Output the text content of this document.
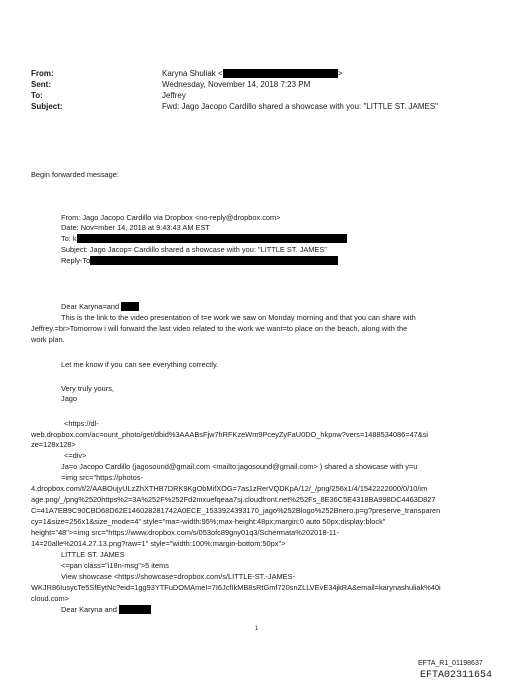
From:	Karyna Shuliak <	>
Sent:	Wednesday, November 14, 2018 7:23 PM
To:	Jeffrey
Subject:	Fwd: Jago Jacopo Cardillo shared a showcase with you: "LITTLE ST. JAMES"
Begin forwarded message:
From: Jago Jacopo Cardillo via Dropbox <no-reply@dropbox.com>
Date: Nov=mber 14, 2018 at 9:43:43 AM EST
To: k
Subject: Jago Jacop= Cardillo shared a showcase with you: "LITTLE ST. JAMES"
Reply-To
Dear Karyna=and
This is the link to the video presentation of t=e work we saw on Monday morning and that you can share with
Jeffrey.=br>Tomorrow i will forward the last video related to the work we want=to place on the beach, along with the
work plan.
Let me know if you can see everything correctly.
Very truly yours,
Jago
<https://dl-
web.dropbox.com/ac=ount_photo/get/dbid%3AAABsFjw7hRFKzeWm9PceyZyFaU0DO_hkpnw?vers=1488534086=47&si
ze=128x128>
<=div>
Ja=o Jacopo Cardillo (jagosound@gmail.com <mailto:jagosound@gmail.com> ) shared a showcase with y=u
=img src="https://photos-
4.dropbox.com/t/2/AABOujyULzZhXTHB7DRK9KgObMifXOG=7as1zRerVQDKpA/12/_/png/256x1/4/1542222000/0/10/im
age.png/_/png%2520https%2=3A%252F%252Fd2mxuefqeaa7sj.cloudfront.net%252Fs_8E36C5E4318BA998DC4463D827
C=41A7EB9C90CBD68D62E146028281742A0ECE_1533924393170_jago%252Blogo%252Bnero.p=g?preserve_transparen
cy=1&size=256x1&size_mode=4" style="ma=-width:95%;max-height:48px;margin:0 auto 50px;display:block"
height="48">=img src="https://www.dropbox.com/s/053ofc89gny01q3/Schermata%202018-11-
14=20alle%2014.27.13.png?raw=1" style="width:100%;margin-bottom:50px">
LITTLE ST. JAMES
<=pan class="i18n-msg">5 items
View showcase <https://showcase=dropbox.com/s/LITTLE-ST.-JAMES-
WKJR86IusycTe5SfEytNc?eid=1gg93YTFuDOMAmeI=7I6JcfIkMB8sRtGmf720snZLLVEvE34jkRA&email=karynashuliak%40i
cloud.com>
Dear Karyna and
1
EFTA_R1_01198637
EFTA02311654
